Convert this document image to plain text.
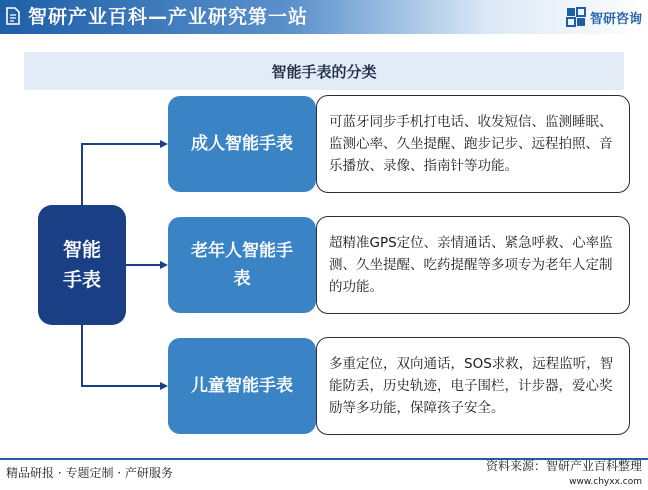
智研产业百科—产业研究第一站	智研咨询
智能手表的分类
智能手表
成人智能手表
可蓝牙同步手机打电话、收发短信、监测睡眠、监测心率、久坐提醒、跑步记步、远程拍照、音乐播放、录像、指南针等功能。
老年人智能手表
超精准GPS定位、亲情通话、紧急呼救、心率监测、久坐提醒、吃药提醒等多项专为老年人定制的功能。
儿童智能手表
多重定位，双向通话，SOS求救，远程监听，智能防丢，历史轨迹，电子围栏，计步器，爱心奖励等多功能，保障孩子安全。
精品研报 · 专题定制 · 产研服务	资料来源：智研产业百科整理
www.chyxx.com
